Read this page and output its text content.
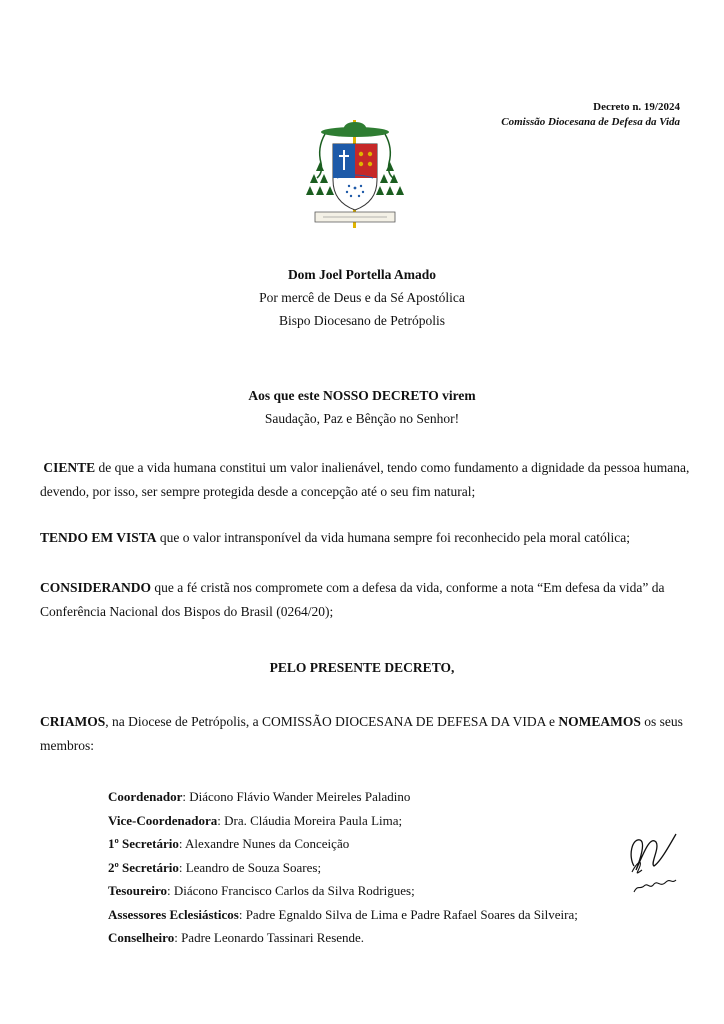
Decreto n. 19/2024
Comissão Diocesana de Defesa da Vida
Dom Joel Portella Amado
Por mercê de Deus e da Sé Apostólica
Bispo Diocesano de Petrópolis
Aos que este NOSSO DECRETO virem
Saudação, Paz e Bênção no Senhor!
CIENTE de que a vida humana constitui um valor inalienável, tendo como fundamento a dignidade da pessoa humana, devendo, por isso, ser sempre protegida desde a concepção até o seu fim natural;
TENDO EM VISTA que o valor intransponível da vida humana sempre foi reconhecido pela moral católica;
CONSIDERANDO que a fé cristã nos compromete com a defesa da vida, conforme a nota “Em defesa da vida” da Conferência Nacional dos Bispos do Brasil (0264/20);
PELO PRESENTE DECRETO,
CRIAMOS, na Diocese de Petrópolis, a COMISSÃO DIOCESANA DE DEFESA DA VIDA e NOMEAMOS os seus membros:
Coordenador: Diácono Flávio Wander Meireles Paladino
Vice-Coordenadora: Dra. Cláudia Moreira Paula Lima;
1º Secretário: Alexandre Nunes da Conceição
2º Secretário: Leandro de Souza Soares;
Tesoureiro: Diácono Francisco Carlos da Silva Rodrigues;
Assessores Eclesiásticos: Padre Egnaldo Silva de Lima e Padre Rafael Soares da Silveira;
Conselheiro: Padre Leonardo Tassinari Resende.
